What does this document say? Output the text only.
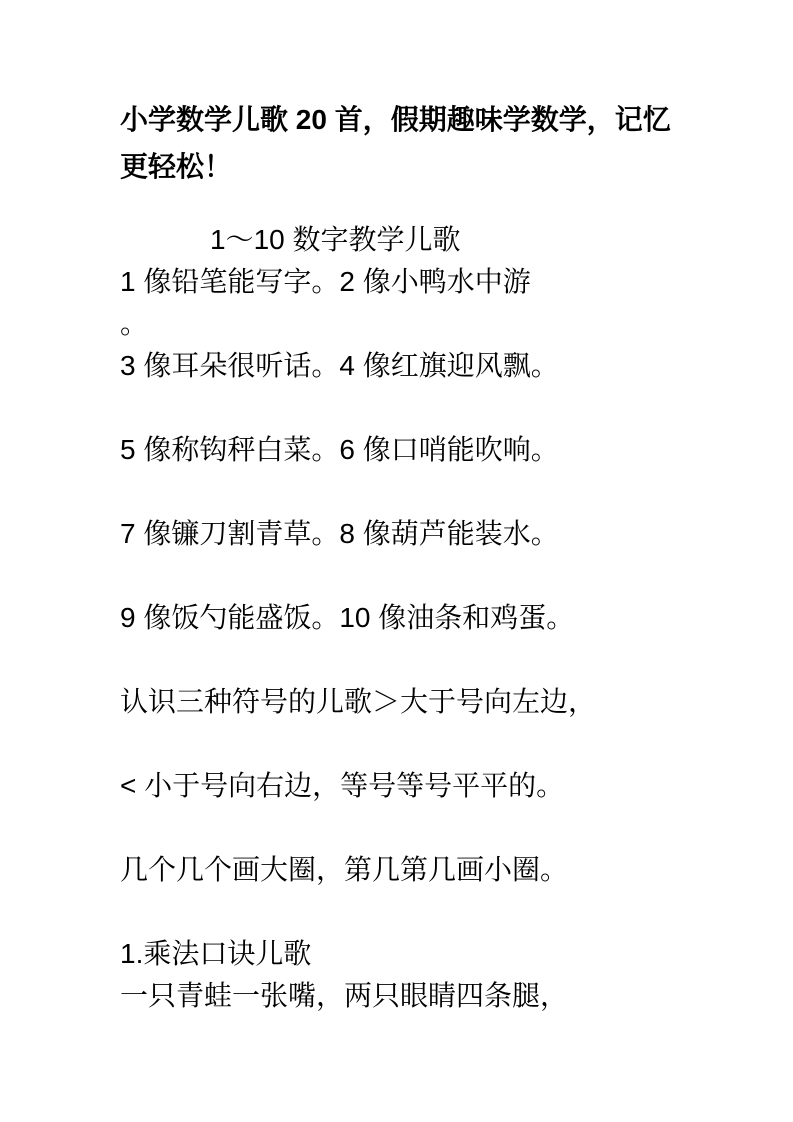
小学数学儿歌 20 首，假期趣味学数学，记忆
更轻松！

1～10 数字教学儿歌

1 像铅笔能写字。2 像小鸭水中游

。

3 像耳朵很听话。4 像红旗迎风飘。

5 像称钩秤白菜。6 像口哨能吹响。

7 像镰刀割青草。8 像葫芦能装水。

9 像饭勺能盛饭。10 像油条和鸡蛋。

认识三种符号的儿歌＞大于号向左边，

< 小于号向右边，等号等号平平的。

几个几个画大圈，第几第几画小圈。

1.乘法口诀儿歌

一只青蛙一张嘴，两只眼睛四条腿，
